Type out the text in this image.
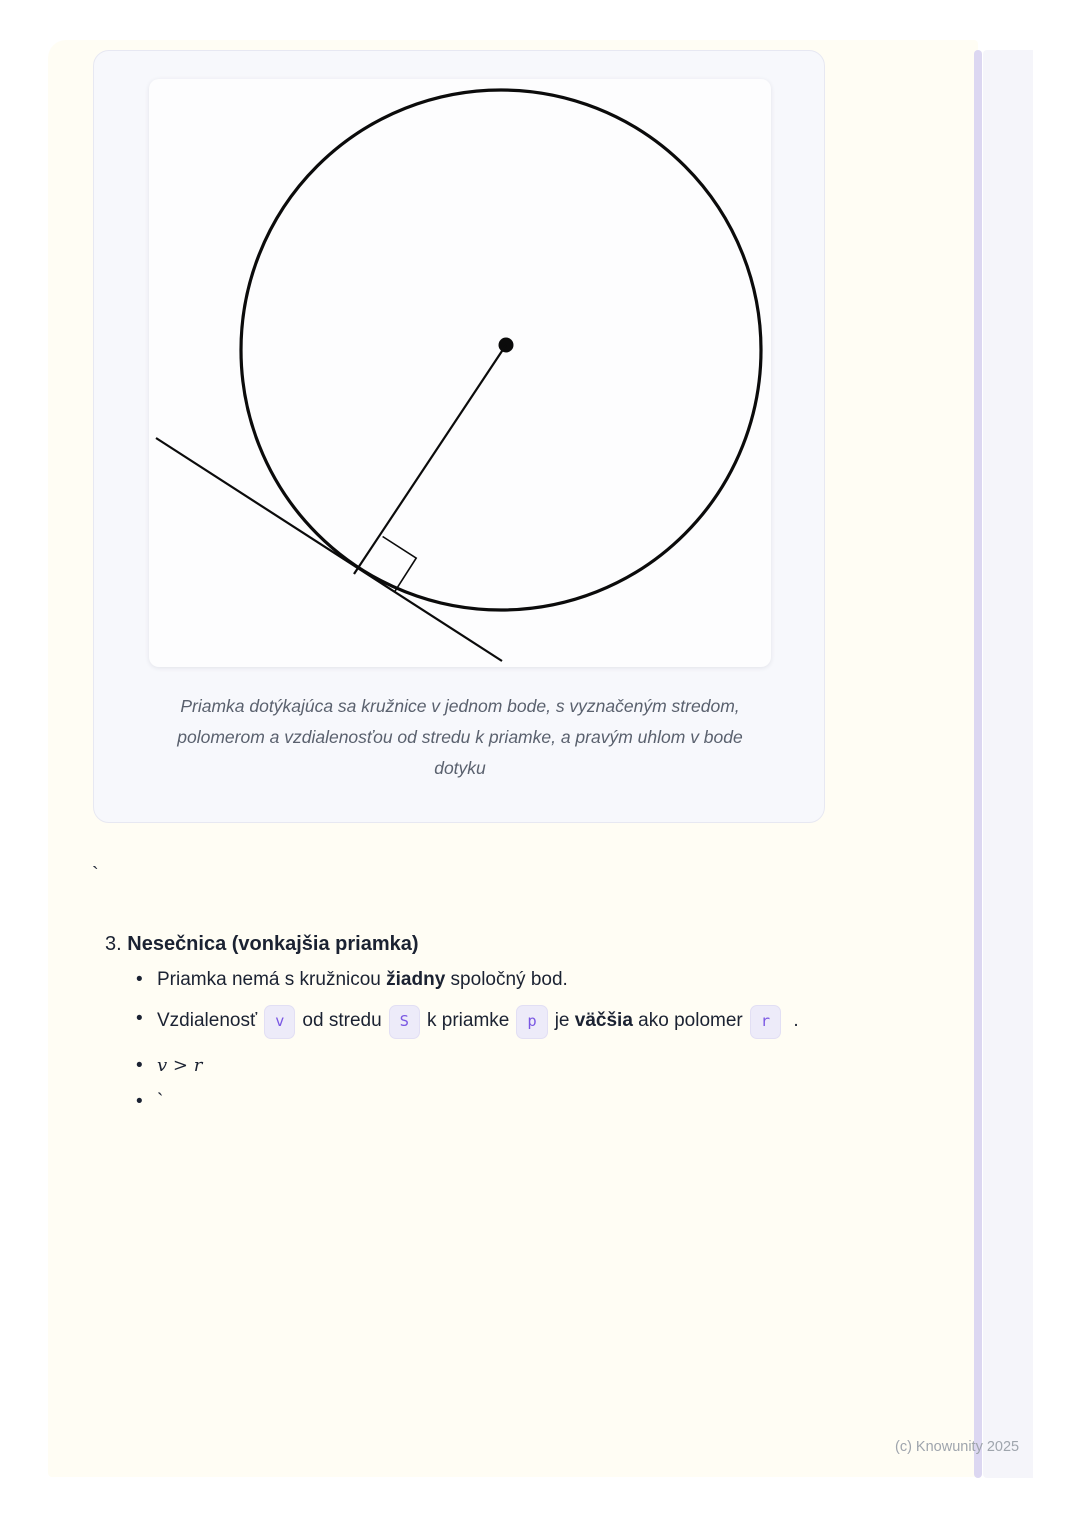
Priamka dotýkajúca sa kružnice v jednom bode, s vyznačeným stredom,
polomerom a vzdialenosťou od stredu k priamke, a pravým uhlom v bode
dotyku
`
3. Nesečnica (vonkajšia priamka)
• Priamka nemá s kružnicou žiadny spoločný bod.
• Vzdialenosť v od stredu S k priamke p je väčšia ako polomer r .
• v > r
• `
(c) Knowunity 2025
